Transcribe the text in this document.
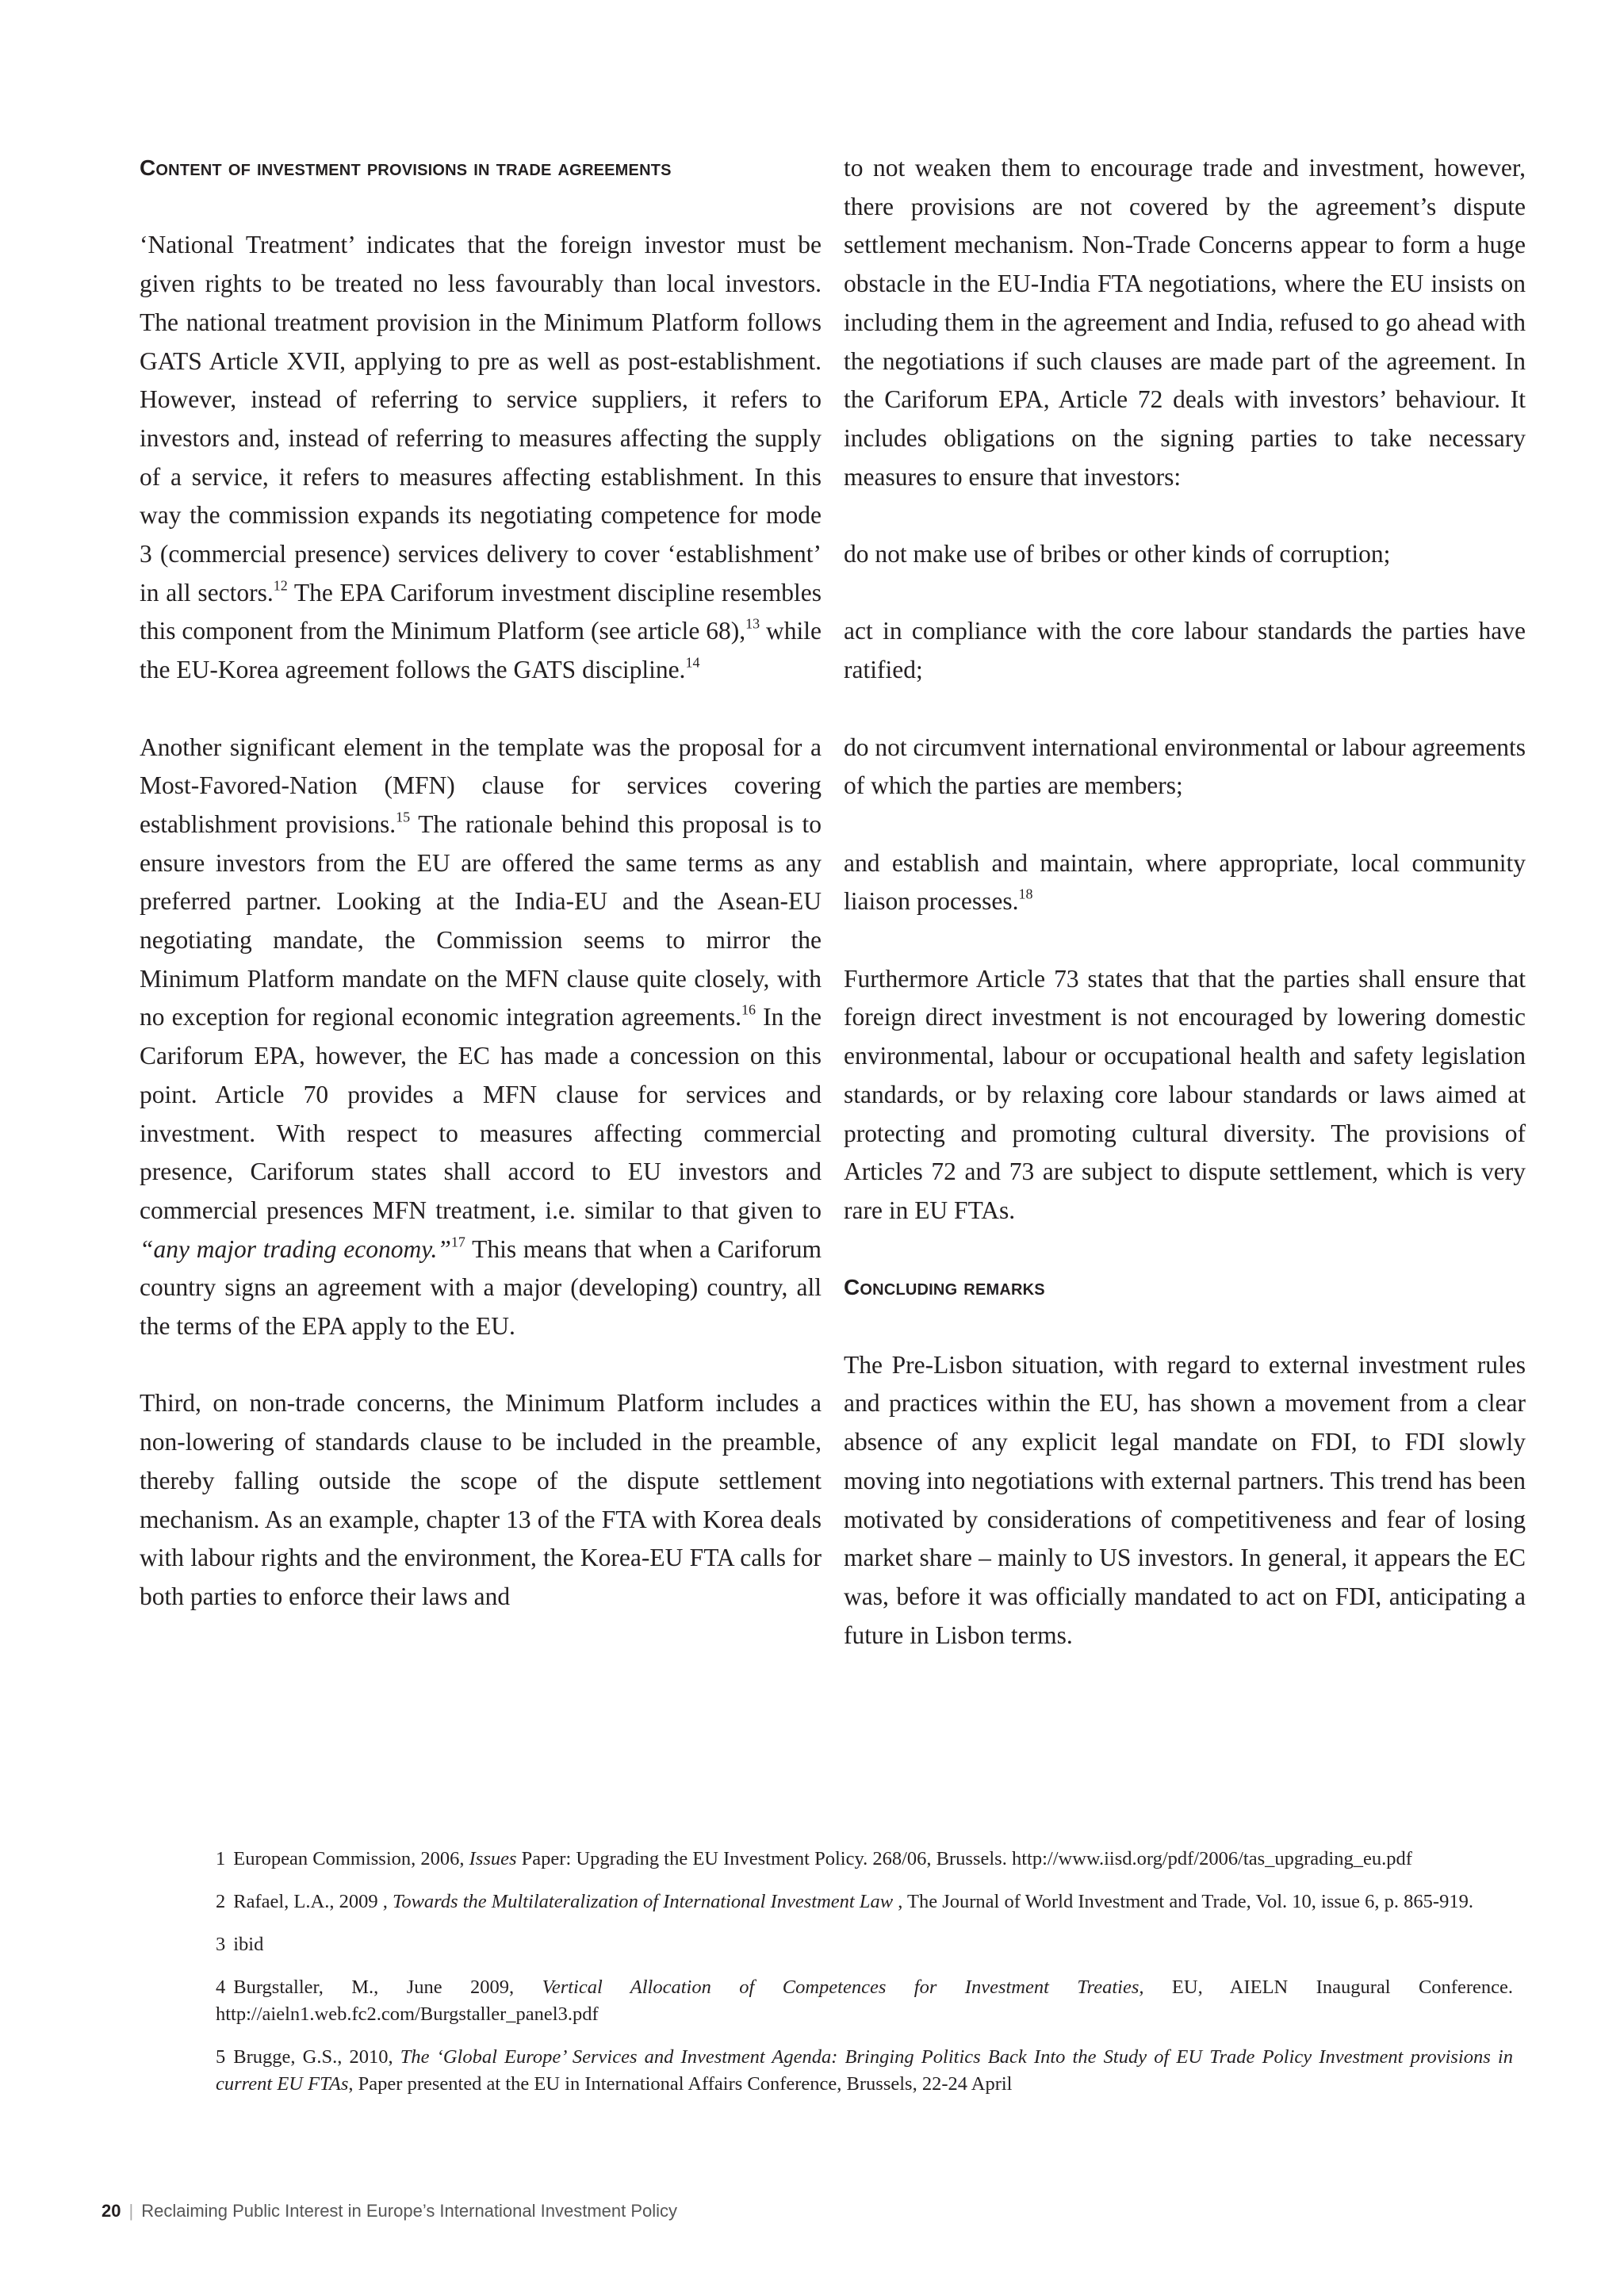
Content of investment provisions in trade agreements

‘National Treatment’ indicates that the foreign investor must be given rights to be treated no less favourably than local investors. The national treatment provision in the Minimum Platform follows GATS Article XVII, applying to pre as well as post-establishment. However, instead of referring to service suppliers, it refers to investors and, instead of referring to measures affecting the supply of a service, it refers to measures affecting establishment. In this way the commission expands its negotiating competence for mode 3 (commercial presence) services delivery to cover ‘establishment’ in all sectors.$^{12}$ The EPA Cariforum investment discipline resembles this component from the Minimum Platform (see article 68),$^{13}$ while the EU-Korea agreement follows the GATS discipline.$^{14}$

Another significant element in the template was the proposal for a Most-Favored-Nation (MFN) clause for services covering establishment provisions.$^{15}$ The rationale behind this proposal is to ensure investors from the EU are offered the same terms as any preferred partner. Looking at the India-EU and the Asean-EU negotiating mandate, the Commission seems to mirror the Minimum Platform mandate on the MFN clause quite closely, with no exception for regional economic integration agreements.$^{16}$ In the Cariforum EPA, however, the EC has made a concession on this point. Article 70 provides a MFN clause for services and investment. With respect to measures affecting commercial presence, Cariforum states shall accord to EU investors and commercial presences MFN treatment, i.e. similar to that given to “any major trading economy.”$^{17}$ This means that when a Cariforum country signs an agreement with a major (developing) country, all the terms of the EPA apply to the EU.

Third, on non-trade concerns, the Minimum Platform includes a non-lowering of standards clause to be included in the preamble, thereby falling outside the scope of the dispute settlement mechanism. As an example, chapter 13 of the FTA with Korea deals with labour rights and the environment, the Korea-EU FTA calls for both parties to enforce their laws and

to not weaken them to encourage trade and investment, however, there provisions are not covered by the agreement’s dispute settlement mechanism. Non-Trade Concerns appear to form a huge obstacle in the EU-India FTA negotiations, where the EU insists on including them in the agreement and India, refused to go ahead with the negotiations if such clauses are made part of the agreement. In the Cariforum EPA, Article 72 deals with investors’ behaviour. It includes obligations on the signing parties to take necessary measures to ensure that investors:

do not make use of bribes or other kinds of corruption;

act in compliance with the core labour standards the parties have ratified;

do not circumvent international environmental or labour agreements of which the parties are members;

and establish and maintain, where appropriate, local community liaison processes.$^{18}$

Furthermore Article 73 states that that the parties shall ensure that foreign direct investment is not encouraged by lowering domestic environmental, labour or occupational health and safety legislation standards, or by relaxing core labour standards or laws aimed at protecting and promoting cultural diversity. The provisions of Articles 72 and 73 are subject to dispute settlement, which is very rare in EU FTAs.

Concluding remarks

The Pre-Lisbon situation, with regard to external investment rules and practices within the EU, has shown a movement from a clear absence of any explicit legal mandate on FDI, to FDI slowly moving into negotiations with external partners. This trend has been motivated by considerations of competitiveness and fear of losing market share – mainly to US investors. In general, it appears the EC was, before it was officially mandated to act on FDI, anticipating a future in Lisbon terms.

1 European Commission, 2006, Issues Paper: Upgrading the EU Investment Policy. 268/06, Brussels. http://www.iisd.org/pdf/2006/tas_upgrading_eu.pdf

2 Rafael, L.A., 2009 , Towards the Multilateralization of International Investment Law , The Journal of World Investment and Trade, Vol. 10, issue 6, p. 865-919.

3 ibid

4 Burgstaller, M., June 2009, Vertical Allocation of Competences for Investment Treaties, EU, AIELN Inaugural Conference. http://aieln1.web.fc2.com/Burgstaller_panel3.pdf

5 Brugge, G.S., 2010, The ‘Global Europe’ Services and Investment Agenda: Bringing Politics Back Into the Study of EU Trade Policy Investment provisions in current EU FTAs, Paper presented at the EU in International Affairs Conference, Brussels, 22-24 April

20 | Reclaiming Public Interest in Europe’s International Investment Policy
